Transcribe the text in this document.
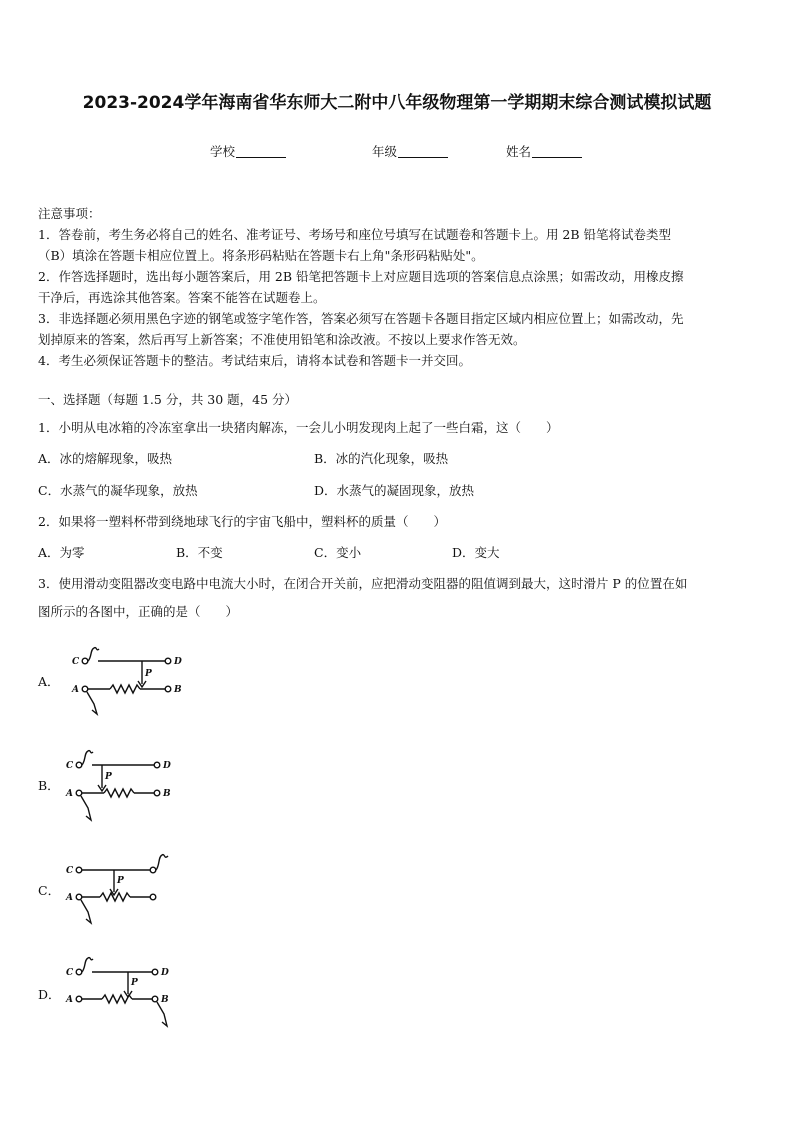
2023-2024学年海南省华东师大二附中八年级物理第一学期期末综合测试模拟试题
学校	年级	姓名
注意事项：
1．答卷前，考生务必将自己的姓名、准考证号、考场号和座位号填写在试题卷和答题卡上。用 2B 铅笔将试卷类型
（B）填涂在答题卡相应位置上。将条形码粘贴在答题卡右上角"条形码粘贴处"。
2．作答选择题时，选出每小题答案后，用 2B 铅笔把答题卡上对应题目选项的答案信息点涂黑；如需改动，用橡皮擦
干净后，再选涂其他答案。答案不能答在试题卷上。
3．非选择题必须用黑色字迹的钢笔或签字笔作答，答案必须写在答题卡各题目指定区域内相应位置上；如需改动，先
划掉原来的答案，然后再写上新答案；不准使用铅笔和涂改液。不按以上要求作答无效。
4．考生必须保证答题卡的整洁。考试结束后，请将本试卷和答题卡一并交回。
一、选择题（每题 1.5 分，共 30 题，45 分）
1．小明从电冰箱的冷冻室拿出一块猪肉解冻，一会儿小明发现肉上起了一些白霜，这（　　）
A．冰的熔解现象，吸热	B．冰的汽化现象，吸热
C．水蒸气的凝华现象，放热	D．水蒸气的凝固现象，放热
2．如果将一塑料杯带到绕地球飞行的宇宙飞船中，塑料杯的质量（　　）
A．为零	B．不变	C．变小	D．变大
3．使用滑动变阻器改变电路中电流大小时，在闭合开关前，应把滑动变阻器的阻值调到最大，这时滑片 P 的位置在如
图所示的各图中，正确的是（　　）
A．
C	D
A	B
P
B．
C	D
A	B
P
C．
C
A
P
D．
C	D
A	B
P
